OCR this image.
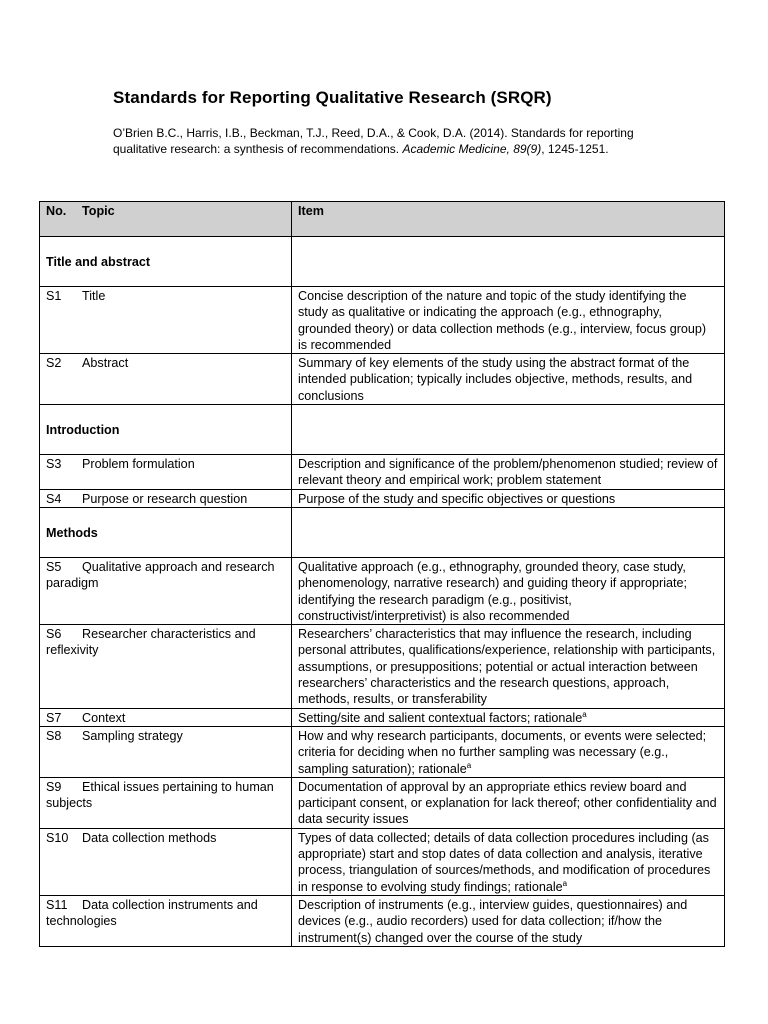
Standards for Reporting Qualitative Research (SRQR)
O’Brien B.C., Harris, I.B., Beckman, T.J., Reed, D.A., & Cook, D.A. (2014). Standards for reporting qualitative research: a synthesis of recommendations. Academic Medicine, 89(9), 1245-1251.
No. Topic	Item
Title and abstract	
S1 Title	Concise description of the nature and topic of the study identifying the study as qualitative or indicating the approach (e.g., ethnography, grounded theory) or data collection methods (e.g., interview, focus group) is recommended
S2 Abstract	Summary of key elements of the study using the abstract format of the intended publication; typically includes objective, methods, results, and conclusions
Introduction	
S3 Problem formulation	Description and significance of the problem/phenomenon studied; review of relevant theory and empirical work; problem statement
S4 Purpose or research question	Purpose of the study and specific objectives or questions
Methods	
S5 Qualitative approach and research paradigm	Qualitative approach (e.g., ethnography, grounded theory, case study, phenomenology, narrative research) and guiding theory if appropriate; identifying the research paradigm (e.g., positivist, constructivist/interpretivist) is also recommended
S6 Researcher characteristics and reflexivity	Researchers’ characteristics that may influence the research, including personal attributes, qualifications/experience, relationship with participants, assumptions, or presuppositions; potential or actual interaction between researchers’ characteristics and the research questions, approach, methods, results, or transferability
S7 Context	Setting/site and salient contextual factors; rationale$^a$
S8 Sampling strategy	How and why research participants, documents, or events were selected; criteria for deciding when no further sampling was necessary (e.g., sampling saturation); rationale$^a$
S9 Ethical issues pertaining to human subjects	Documentation of approval by an appropriate ethics review board and participant consent, or explanation for lack thereof; other confidentiality and data security issues
S10 Data collection methods	Types of data collected; details of data collection procedures including (as appropriate) start and stop dates of data collection and analysis, iterative process, triangulation of sources/methods, and modification of procedures in response to evolving study findings; rationale$^a$
S11 Data collection instruments and technologies	Description of instruments (e.g., interview guides, questionnaires) and devices (e.g., audio recorders) used for data collection; if/how the instrument(s) changed over the course of the study
